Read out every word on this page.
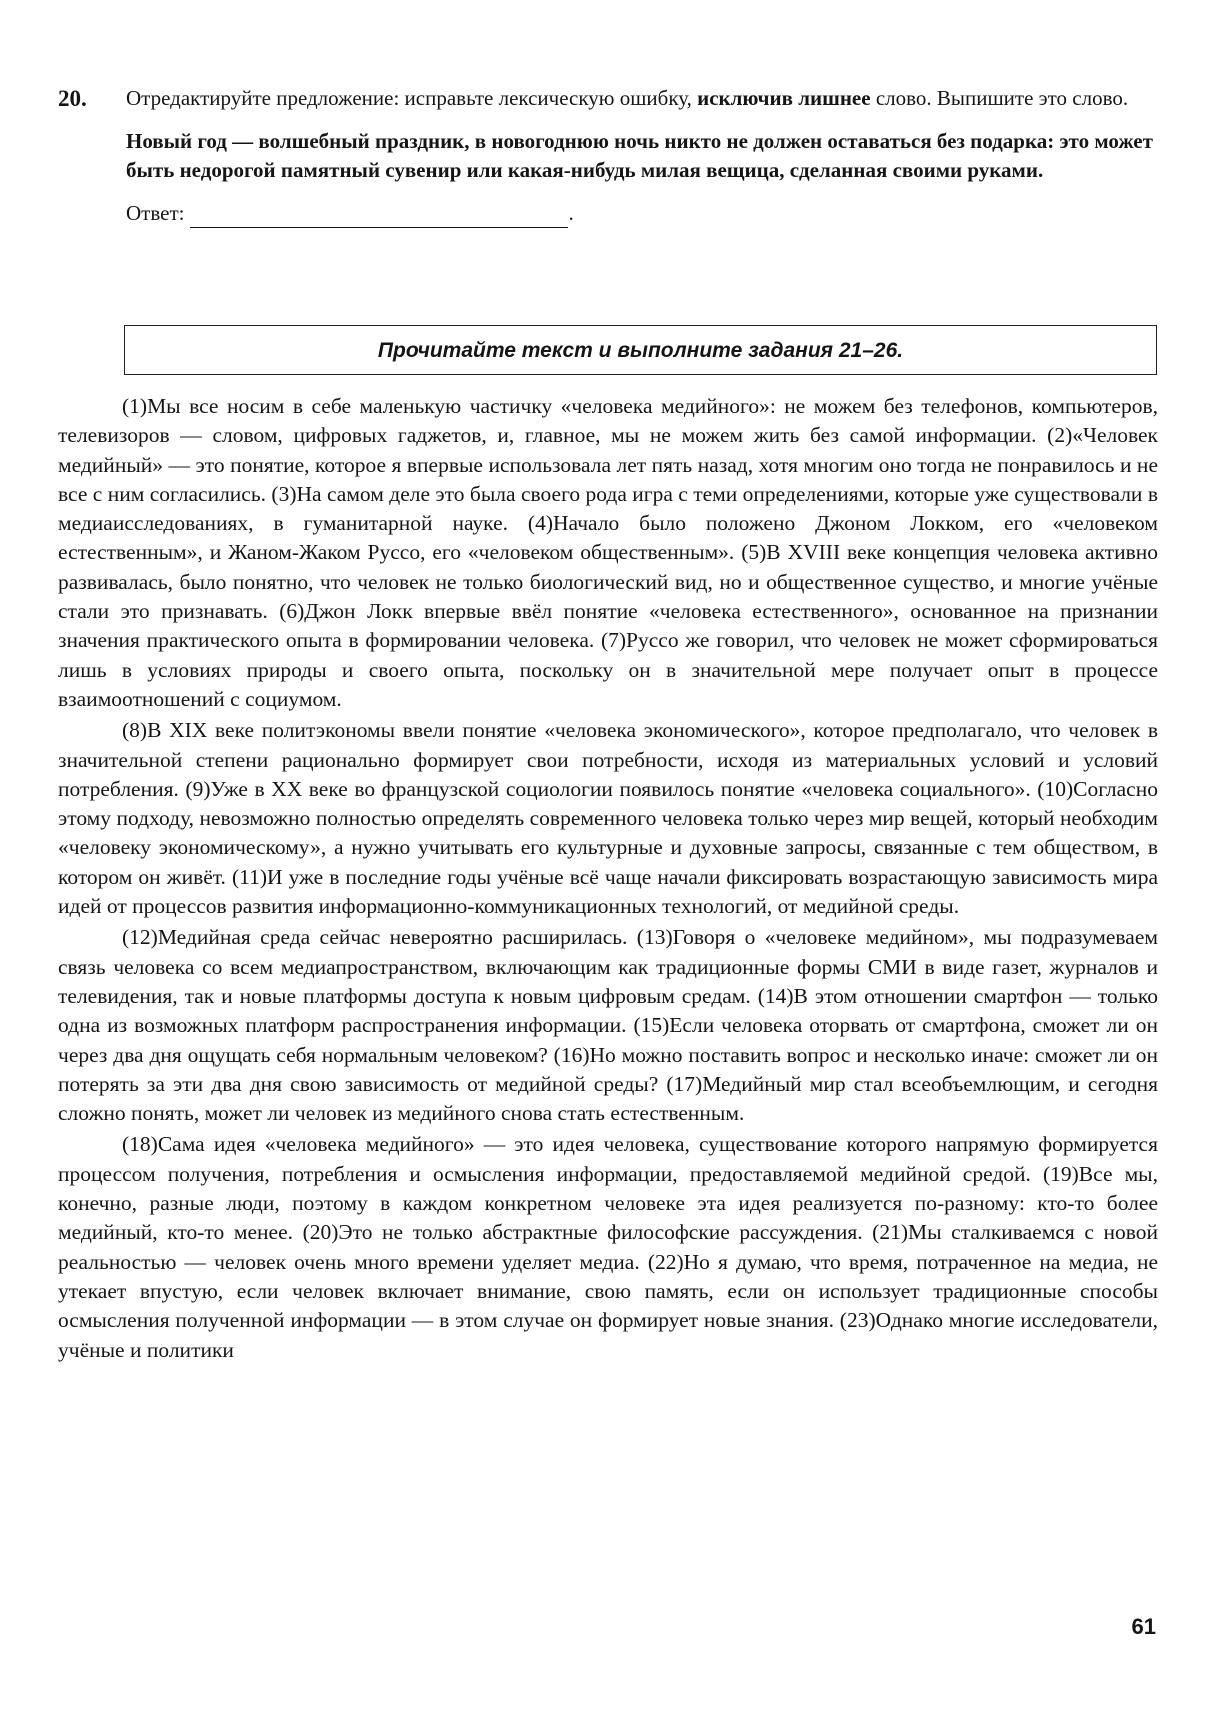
20.	Отредактируйте предложение: исправьте лексическую ошибку, исключив лишнее слово. Выпишите это слово.

Новый год — волшебный праздник, в новогоднюю ночь никто не должен оставаться без подарка: это может быть недорогой памятный сувенир или какая-нибудь милая вещица, сделанная своими руками.

Ответ:	.

Прочитайте текст и выполните задания 21–26.

(1)Мы все носим в себе маленькую частичку «человека медийного»: не можем без телефонов, компьютеров, телевизоров — словом, цифровых гаджетов, и, главное, мы не можем жить без самой информации. (2)«Человек медийный» — это понятие, которое я впервые использовала лет пять назад, хотя многим оно тогда не понравилось и не все с ним согласились. (3)На самом деле это была своего рода игра с теми определениями, которые уже существовали в медиаисследованиях, в гуманитарной науке. (4)Начало было положено Джоном Локком, его «человеком естественным», и Жаном-Жаком Руссо, его «человеком общественным». (5)В XVIII веке концепция человека активно развивалась, было понятно, что человек не только биологический вид, но и общественное существо, и многие учёные стали это признавать. (6)Джон Локк впервые ввёл понятие «человека естественного», основанное на признании значения практического опыта в формировании человека. (7)Руссо же говорил, что человек не может сформироваться лишь в условиях природы и своего опыта, поскольку он в значительной мере получает опыт в процессе взаимоотношений с социумом.

(8)В XIX веке политэкономы ввели понятие «человека экономического», которое предполагало, что человек в значительной степени рационально формирует свои потребности, исходя из материальных условий и условий потребления. (9)Уже в XX веке во французской социологии появилось понятие «человека социального». (10)Согласно этому подходу, невозможно полностью определять современного человека только через мир вещей, который необходим «человеку экономическому», а нужно учитывать его культурные и духовные запросы, связанные с тем обществом, в котором он живёт. (11)И уже в последние годы учёные всё чаще начали фиксировать возрастающую зависимость мира идей от процессов развития информационно-коммуникационных технологий, от медийной среды.

(12)Медийная среда сейчас невероятно расширилась. (13)Говоря о «человеке медийном», мы подразумеваем связь человека со всем медиапространством, включающим как традиционные формы СМИ в виде газет, журналов и телевидения, так и новые платформы доступа к новым цифровым средам. (14)В этом отношении смартфон — только одна из возможных платформ распространения информации. (15)Если человека оторвать от смартфона, сможет ли он через два дня ощущать себя нормальным человеком? (16)Но можно поставить вопрос и несколько иначе: сможет ли он потерять за эти два дня свою зависимость от медийной среды? (17)Медийный мир стал всеобъемлющим, и сегодня сложно понять, может ли человек из медийного снова стать естественным.

(18)Сама идея «человека медийного» — это идея человека, существование которого напрямую формируется процессом получения, потребления и осмысления информации, предоставляемой медийной средой. (19)Все мы, конечно, разные люди, поэтому в каждом конкретном человеке эта идея реализуется по-разному: кто-то более медийный, кто-то менее. (20)Это не только абстрактные философские рассуждения. (21)Мы сталкиваемся с новой реальностью — человек очень много времени уделяет медиа. (22)Но я думаю, что время, потраченное на медиа, не утекает впустую, если человек включает внимание, свою память, если он использует традиционные способы осмысления полученной информации — в этом случае он формирует новые знания. (23)Однако многие исследователи, учёные и политики

61
